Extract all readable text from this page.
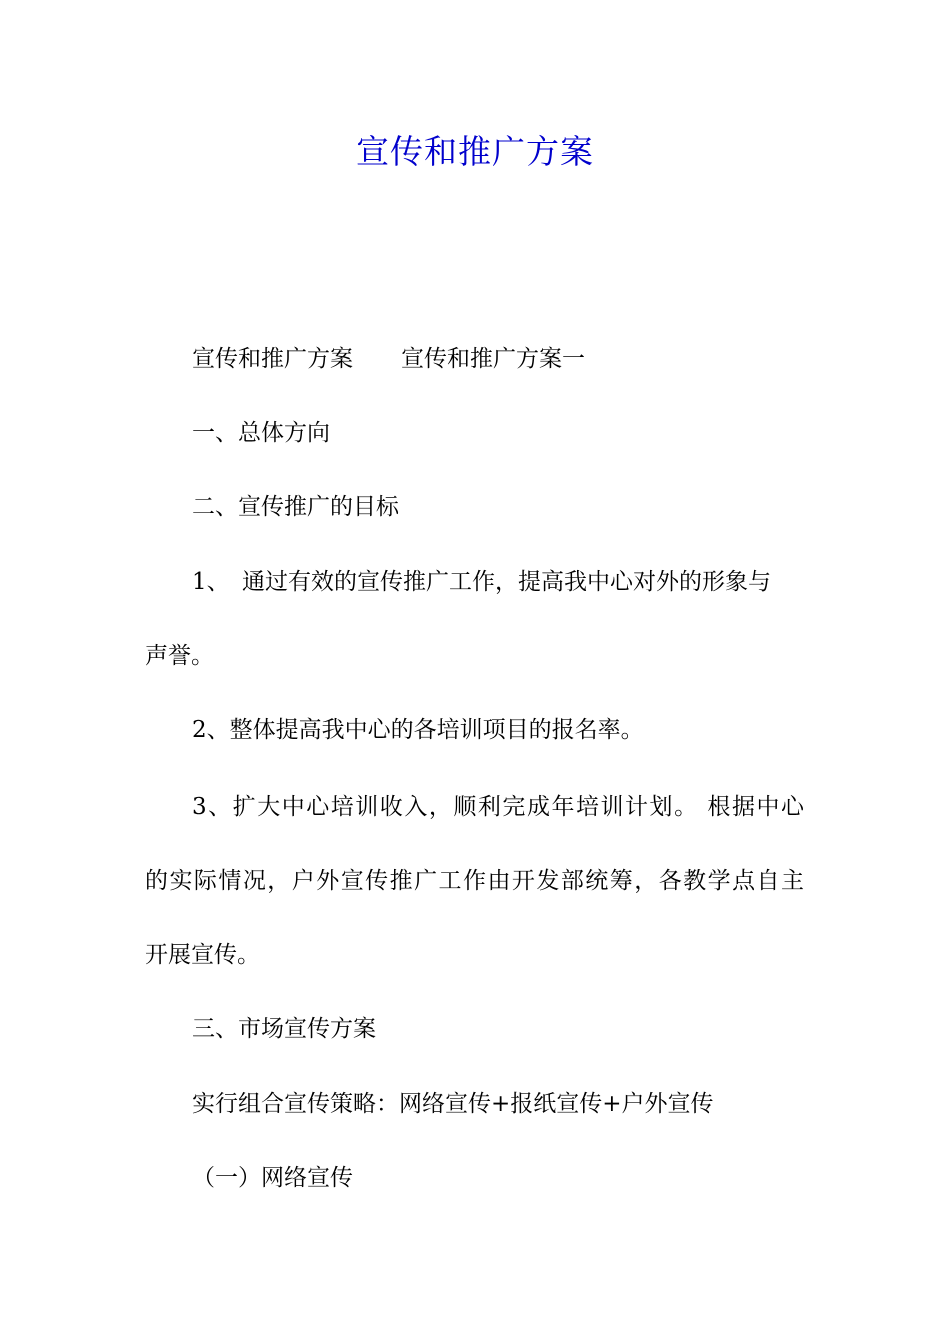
宣传和推广方案
宣传和推广方案 宣传和推广方案一
一、总体方向
二、宣传推广的目标
1、 通过有效的宣传推广工作，提高我中心对外的形象与
声誉。
2、整体提高我中心的各培训项目的报名率。
3、扩大中心培训收入，顺利完成年培训计划。 根据中心
的实际情况，户外宣传推广工作由开发部统筹，各教学点自主
开展宣传。
三、市场宣传方案
实行组合宣传策略：网络宣传+报纸宣传+户外宣传
（一）网络宣传
